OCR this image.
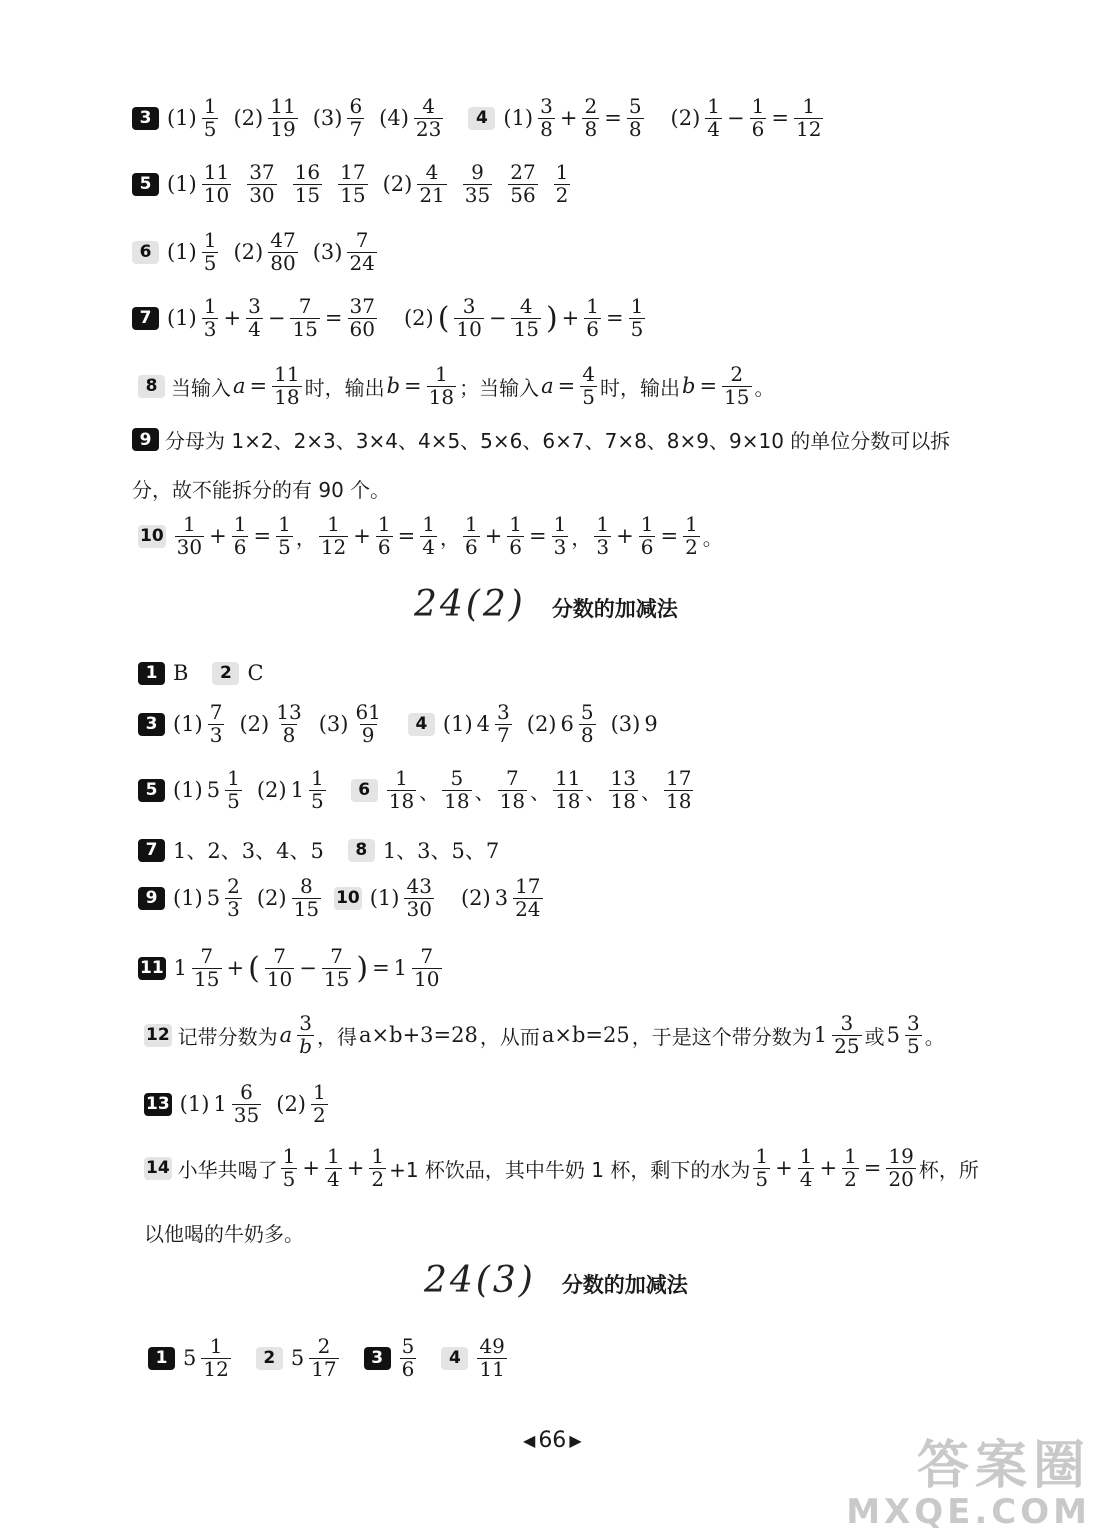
3 $(1) \frac{1}{5} (2) \frac{11}{19} (3) \frac{6}{7} (4) \frac{4}{23}$	4 $(1) \frac{3}{8} + \frac{2}{8} = \frac{5}{8} (2) \frac{1}{4} - \frac{1}{6} = \frac{1}{12}$
5 $(1) \frac{11}{10} \frac{37}{30} \frac{16}{15} \frac{17}{15} (2) \frac{4}{21} \frac{9}{35} \frac{27}{56} \frac{1}{2}$
6 $(1) \frac{1}{5} (2) \frac{47}{80} (3) \frac{7}{24}$
7 $(1) \frac{1}{3} + \frac{3}{4} - \frac{7}{15} = \frac{37}{60} (2)$ ( $\frac{3}{10} - \frac{4}{15}$ ) + $\frac{1}{6} = \frac{1}{5}$
8 当输入 $a = \frac{11}{18}$ 时，输出 $b = \frac{1}{18}$ ；当输入 $a = \frac{4}{5}$ 时，输出 $b = \frac{2}{15}$ 。
9 分母为 1×2、2×3、3×4、4×5、5×6、6×7、7×8、8×9、9×10 的单位分数可以拆
分，故不能拆分的有 90 个。
$10 \frac{1}{30} + \frac{1}{6} = \frac{1}{5}$ ， $\frac{1}{12} + \frac{1}{6} = \frac{1}{4}$ ， $\frac{1}{6} + \frac{1}{6} = \frac{1}{3}$ ， $\frac{1}{3} + \frac{1}{6} = \frac{1}{2}$ 。
24(2) 分数的加减法
1 B	2 C
3 $(1) \frac{7}{3} (2) \frac{13}{8} (3) \frac{61}{9}$	4 (1) $4 \frac{3}{7} (2)$ $6 \frac{5}{8} (3)$ 9
5 (1) $5 \frac{1}{5} (2)$ $1 \frac{1}{5}$	$6 \frac{1}{18}$ 、 $\frac{5}{18}$ 、 $\frac{7}{18}$ 、 $\frac{11}{18}$ 、 $\frac{13}{18}$ 、 $\frac{17}{18}$
7 1、2、3、4、5	8 1、3、5、7
9 (1) $5 \frac{2}{3} (2) \frac{8}{15} 10$ $(1) \frac{43}{30} (2)$ $3 \frac{17}{24}$
11 $1 \frac{7}{15}$ + ( $\frac{7}{10} - \frac{7}{15}$ ) = $1 \frac{7}{10}$
12 记带分数为 a $\frac{3}{b}$ ，得 a×b+3=28 ，从而 a×b=25 ，于是这个带分数为 $1 \frac{3}{25}$ 或 $5 \frac{3}{5}$ 。
13 (1) $1 \frac{6}{35} (2) \frac{1}{2}$
14 小华共喝了 $\frac{1}{5} + \frac{1}{4} + \frac{1}{2} +1$ 杯饮品，其中牛奶 1 杯，剩下的水为 $\frac{1}{5} + \frac{1}{4} + \frac{1}{2} = \frac{19}{20}$ 杯，所
以他喝的牛奶多。
24(3) 分数的加减法
1 $5 \frac{1}{12}$	2 $5 \frac{2}{17}$	$3 \frac{5}{6}$	$4 \frac{49}{11}$
◀ 66 ▶	答案圈
MXQE.COM
